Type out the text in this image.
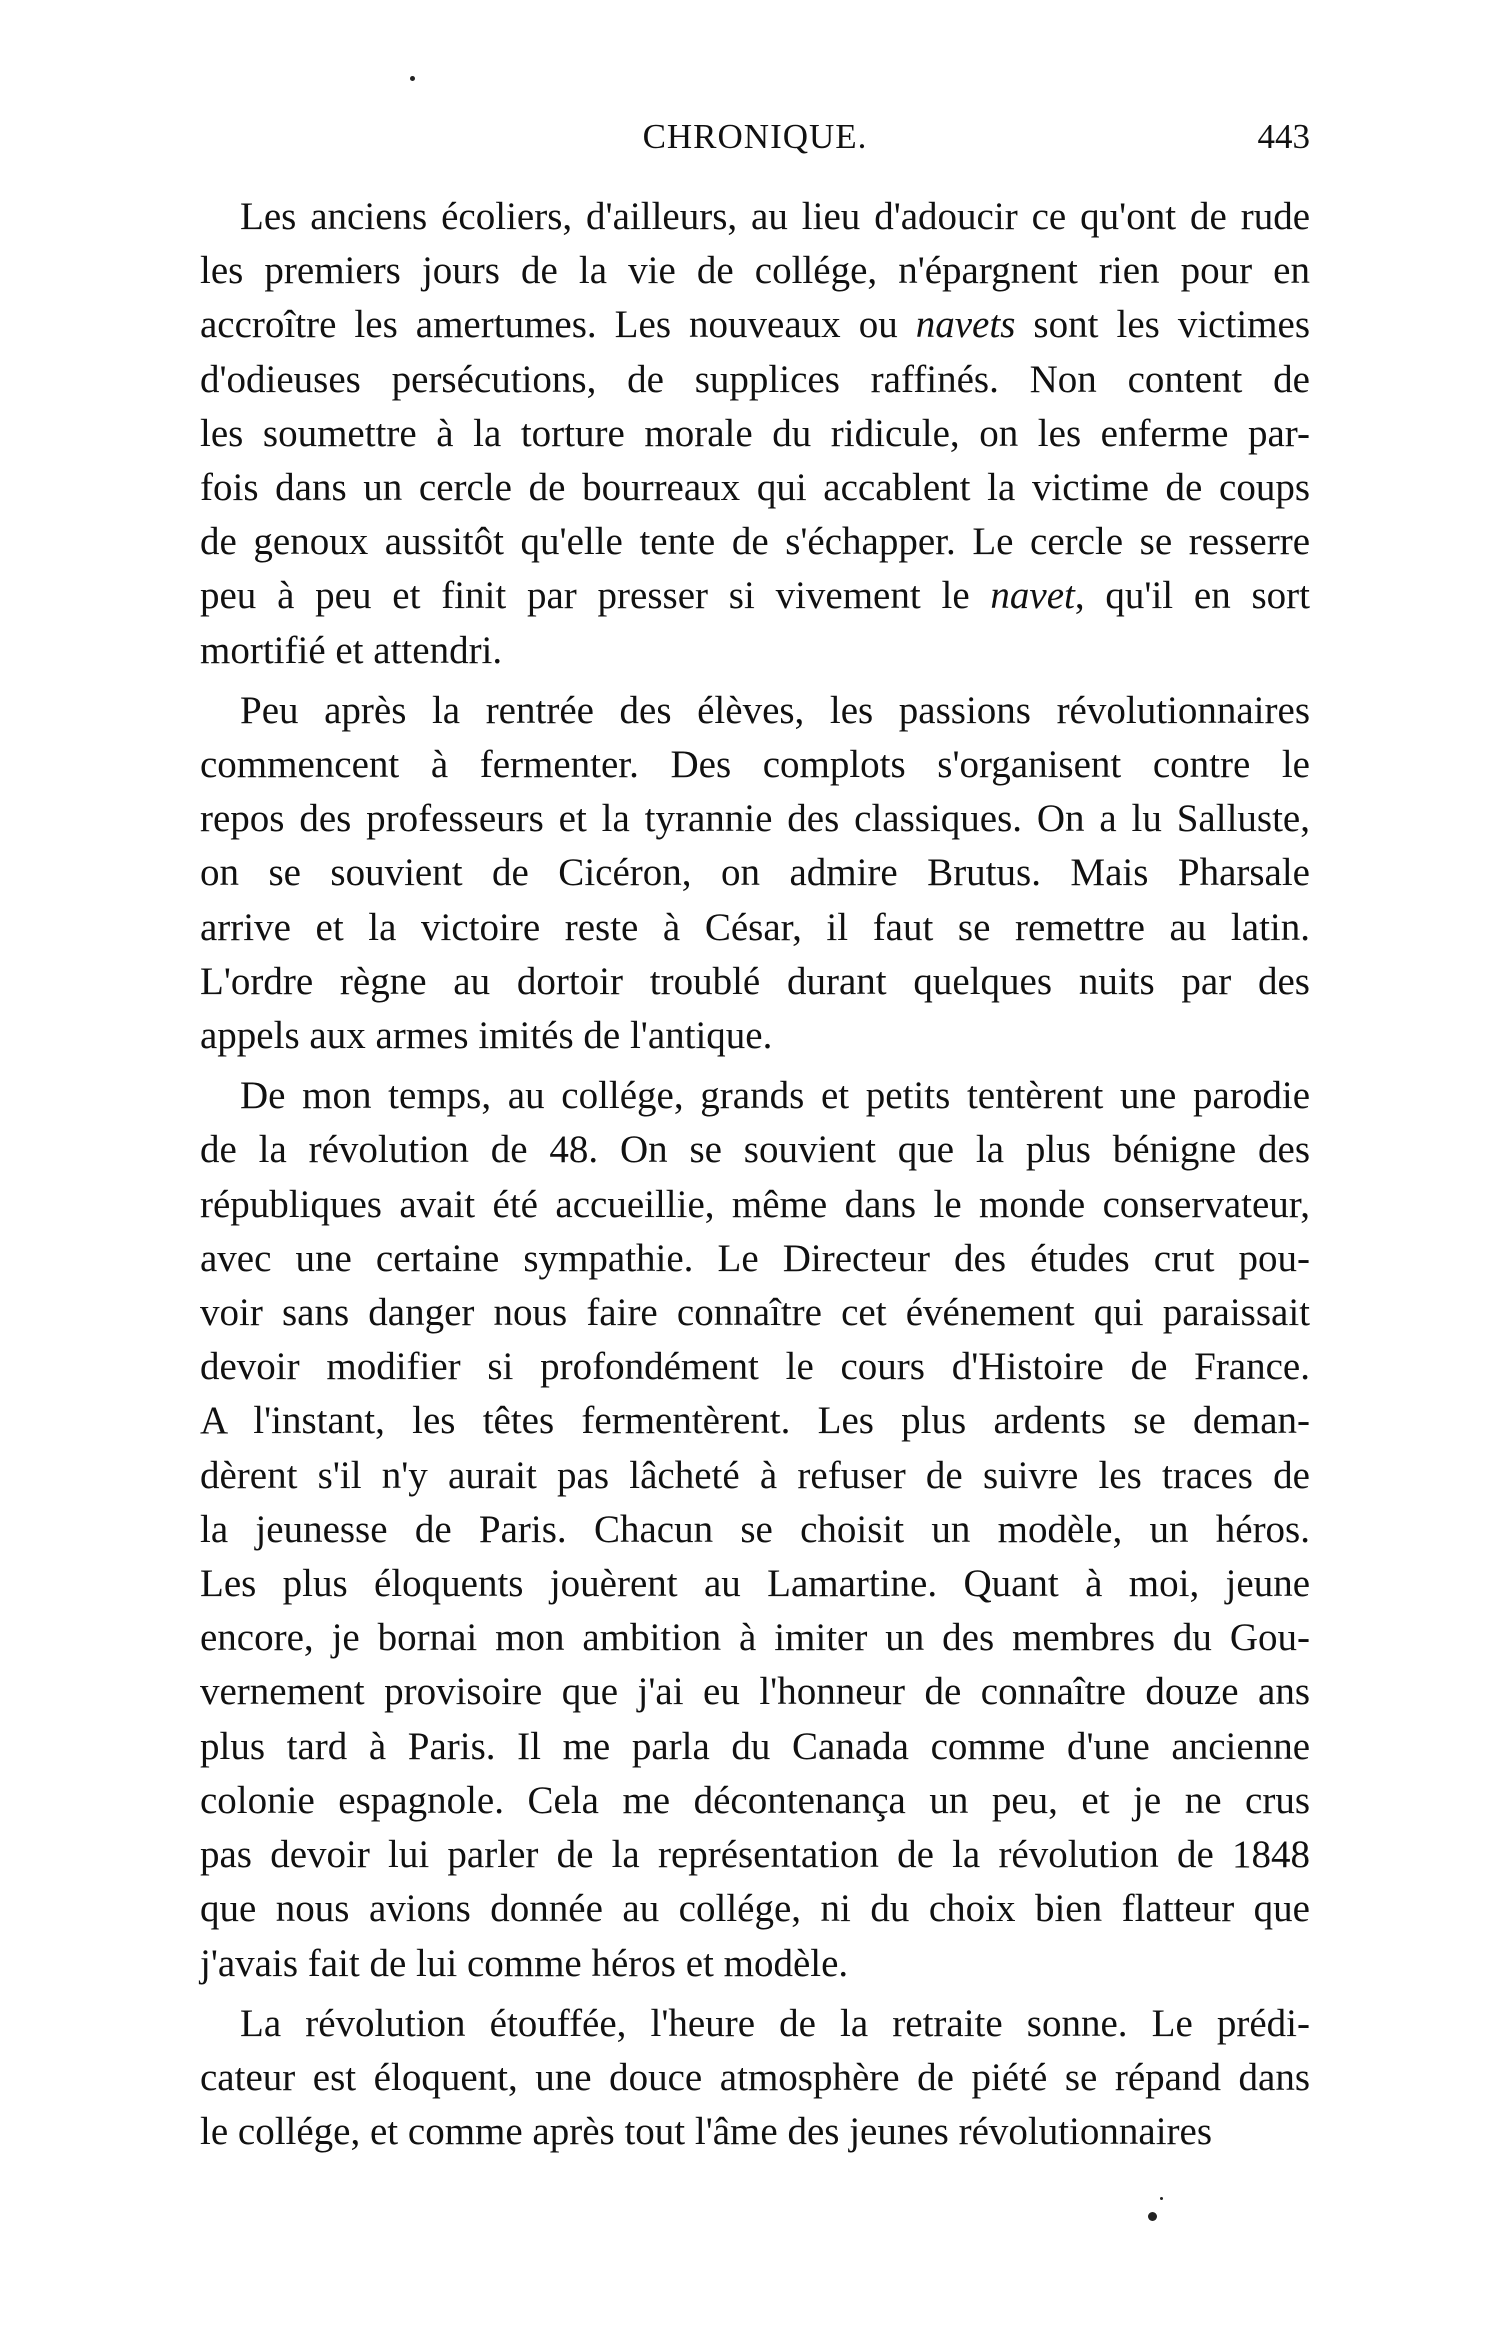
CHRONIQUE.	443
Les anciens écoliers, d'ailleurs, au lieu d'adoucir ce qu'ont de rude
les premiers jours de la vie de collége, n'épargnent rien pour en
accroître les amertumes. Les nouveaux ou navets sont les victimes
d'odieuses persécutions, de supplices raffinés. Non content de
les soumettre à la torture morale du ridicule, on les enferme par-
fois dans un cercle de bourreaux qui accablent la victime de coups
de genoux aussitôt qu'elle tente de s'échapper. Le cercle se resserre
peu à peu et finit par presser si vivement le navet, qu'il en sort
mortifié et attendri.
Peu après la rentrée des élèves, les passions révolutionnaires
commencent à fermenter. Des complots s'organisent contre le
repos des professeurs et la tyrannie des classiques. On a lu Salluste,
on se souvient de Cicéron, on admire Brutus. Mais Pharsale
arrive et la victoire reste à César, il faut se remettre au latin.
L'ordre règne au dortoir troublé durant quelques nuits par des
appels aux armes imités de l'antique.
De mon temps, au collége, grands et petits tentèrent une parodie
de la révolution de 48. On se souvient que la plus bénigne des
républiques avait été accueillie, même dans le monde conservateur,
avec une certaine sympathie. Le Directeur des études crut pou-
voir sans danger nous faire connaître cet événement qui paraissait
devoir modifier si profondément le cours d'Histoire de France.
A l'instant, les têtes fermentèrent. Les plus ardents se deman-
dèrent s'il n'y aurait pas lâcheté à refuser de suivre les traces de
la jeunesse de Paris. Chacun se choisit un modèle, un héros.
Les plus éloquents jouèrent au Lamartine. Quant à moi, jeune
encore, je bornai mon ambition à imiter un des membres du Gou-
vernement provisoire que j'ai eu l'honneur de connaître douze ans
plus tard à Paris. Il me parla du Canada comme d'une ancienne
colonie espagnole. Cela me décontenança un peu, et je ne crus
pas devoir lui parler de la représentation de la révolution de 1848
que nous avions donnée au collége, ni du choix bien flatteur que
j'avais fait de lui comme héros et modèle.
La révolution étouffée, l'heure de la retraite sonne. Le prédi-
cateur est éloquent, une douce atmosphère de piété se répand dans
le collége, et comme après tout l'âme des jeunes révolutionnaires
